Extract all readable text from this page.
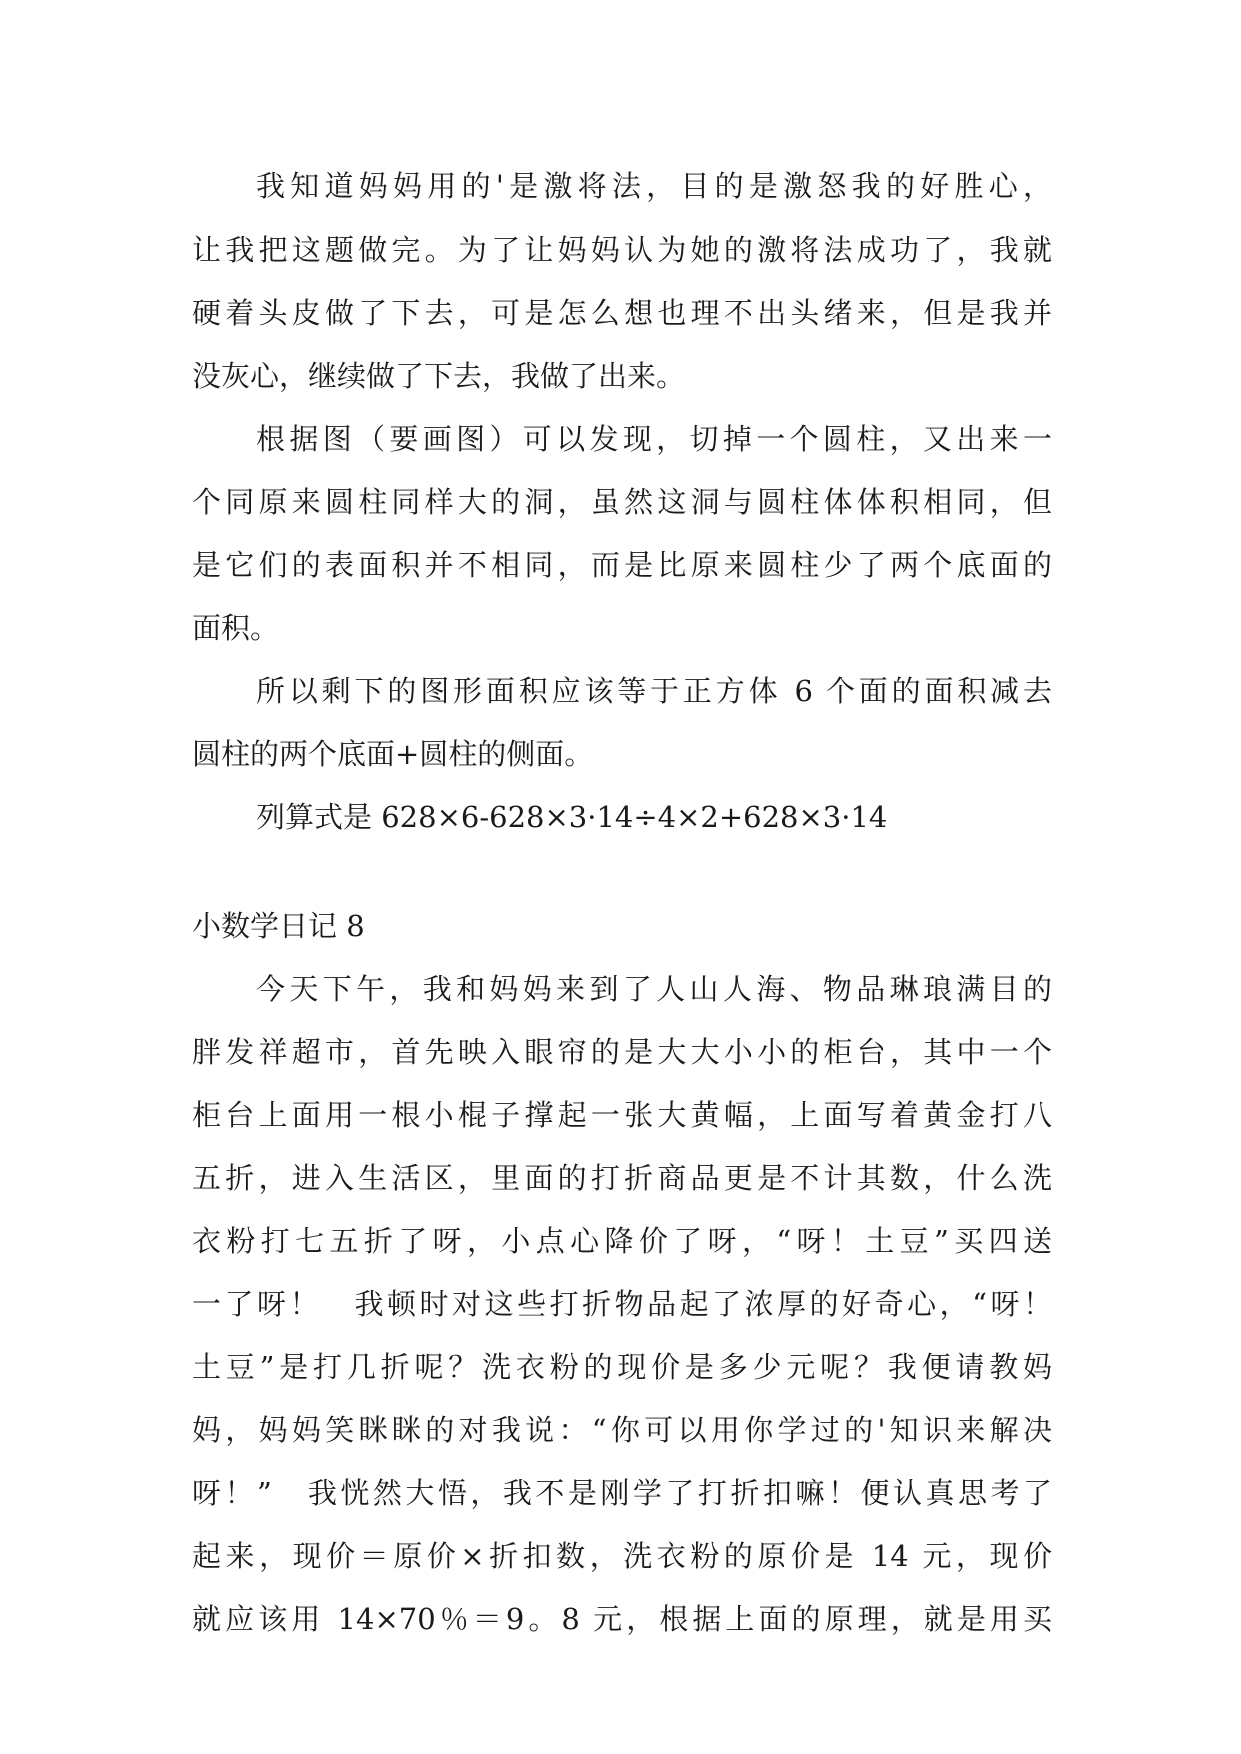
我知道妈妈用的'是激将法，目的是激怒我的好胜心，
让我把这题做完。为了让妈妈认为她的激将法成功了，我就
硬着头皮做了下去，可是怎么想也理不出头绪来，但是我并
没灰心，继续做了下去，我做了出来。
根据图（要画图）可以发现，切掉一个圆柱，又出来一
个同原来圆柱同样大的洞，虽然这洞与圆柱体体积相同，但
是它们的表面积并不相同，而是比原来圆柱少了两个底面的
面积。
所以剩下的图形面积应该等于正方体 6 个面的面积减去
圆柱的两个底面+圆柱的侧面。
列算式是 628×6-628×3·14÷4×2+628×3·14
小数学日记 8
今天下午，我和妈妈来到了人山人海、物品琳琅满目的
胖发祥超市，首先映入眼帘的是大大小小的柜台，其中一个
柜台上面用一根小棍子撑起一张大黄幅，上面写着黄金打八
五折，进入生活区，里面的打折商品更是不计其数，什么洗
衣粉打七五折了呀，小点心降价了呀，“呀！土豆”买四送
一了呀！　我顿时对这些打折物品起了浓厚的好奇心，“呀！
土豆”是打几折呢？洗衣粉的现价是多少元呢？我便请教妈
妈，妈妈笑眯眯的对我说：“你可以用你学过的'知识来解决
呀！”　我恍然大悟，我不是刚学了打折扣嘛！便认真思考了
起来，现价＝原价×折扣数，洗衣粉的原价是 14 元，现价
就应该用 14×70％＝9。8 元，根据上面的原理，就是用买
